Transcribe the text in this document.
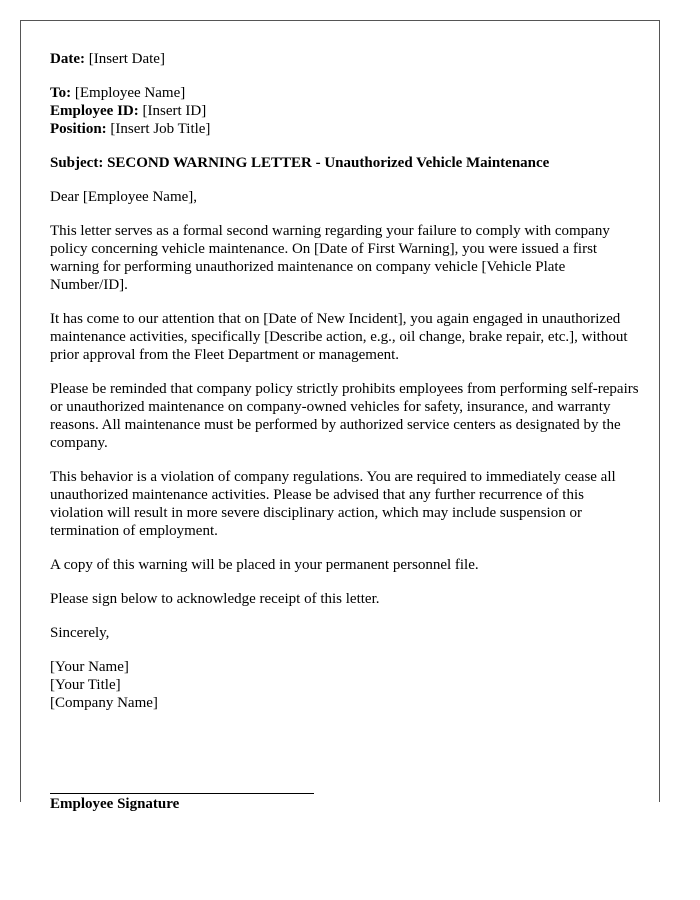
Date: [Insert Date]
To: [Employee Name]
Employee ID: [Insert ID]
Position: [Insert Job Title]
Subject: SECOND WARNING LETTER - Unauthorized Vehicle Maintenance
Dear [Employee Name],
This letter serves as a formal second warning regarding your failure to comply with company policy concerning vehicle maintenance. On [Date of First Warning], you were issued a first warning for performing unauthorized maintenance on company vehicle [Vehicle Plate Number/ID].
It has come to our attention that on [Date of New Incident], you again engaged in unauthorized maintenance activities, specifically [Describe action, e.g., oil change, brake repair, etc.], without prior approval from the Fleet Department or management.
Please be reminded that company policy strictly prohibits employees from performing self-repairs or unauthorized maintenance on company-owned vehicles for safety, insurance, and warranty reasons. All maintenance must be performed by authorized service centers as designated by the company.
This behavior is a violation of company regulations. You are required to immediately cease all unauthorized maintenance activities. Please be advised that any further recurrence of this violation will result in more severe disciplinary action, which may include suspension or termination of employment.
A copy of this warning will be placed in your permanent personnel file.
Please sign below to acknowledge receipt of this letter.
Sincerely,
[Your Name]
[Your Title]
[Company Name]
Employee Signature
